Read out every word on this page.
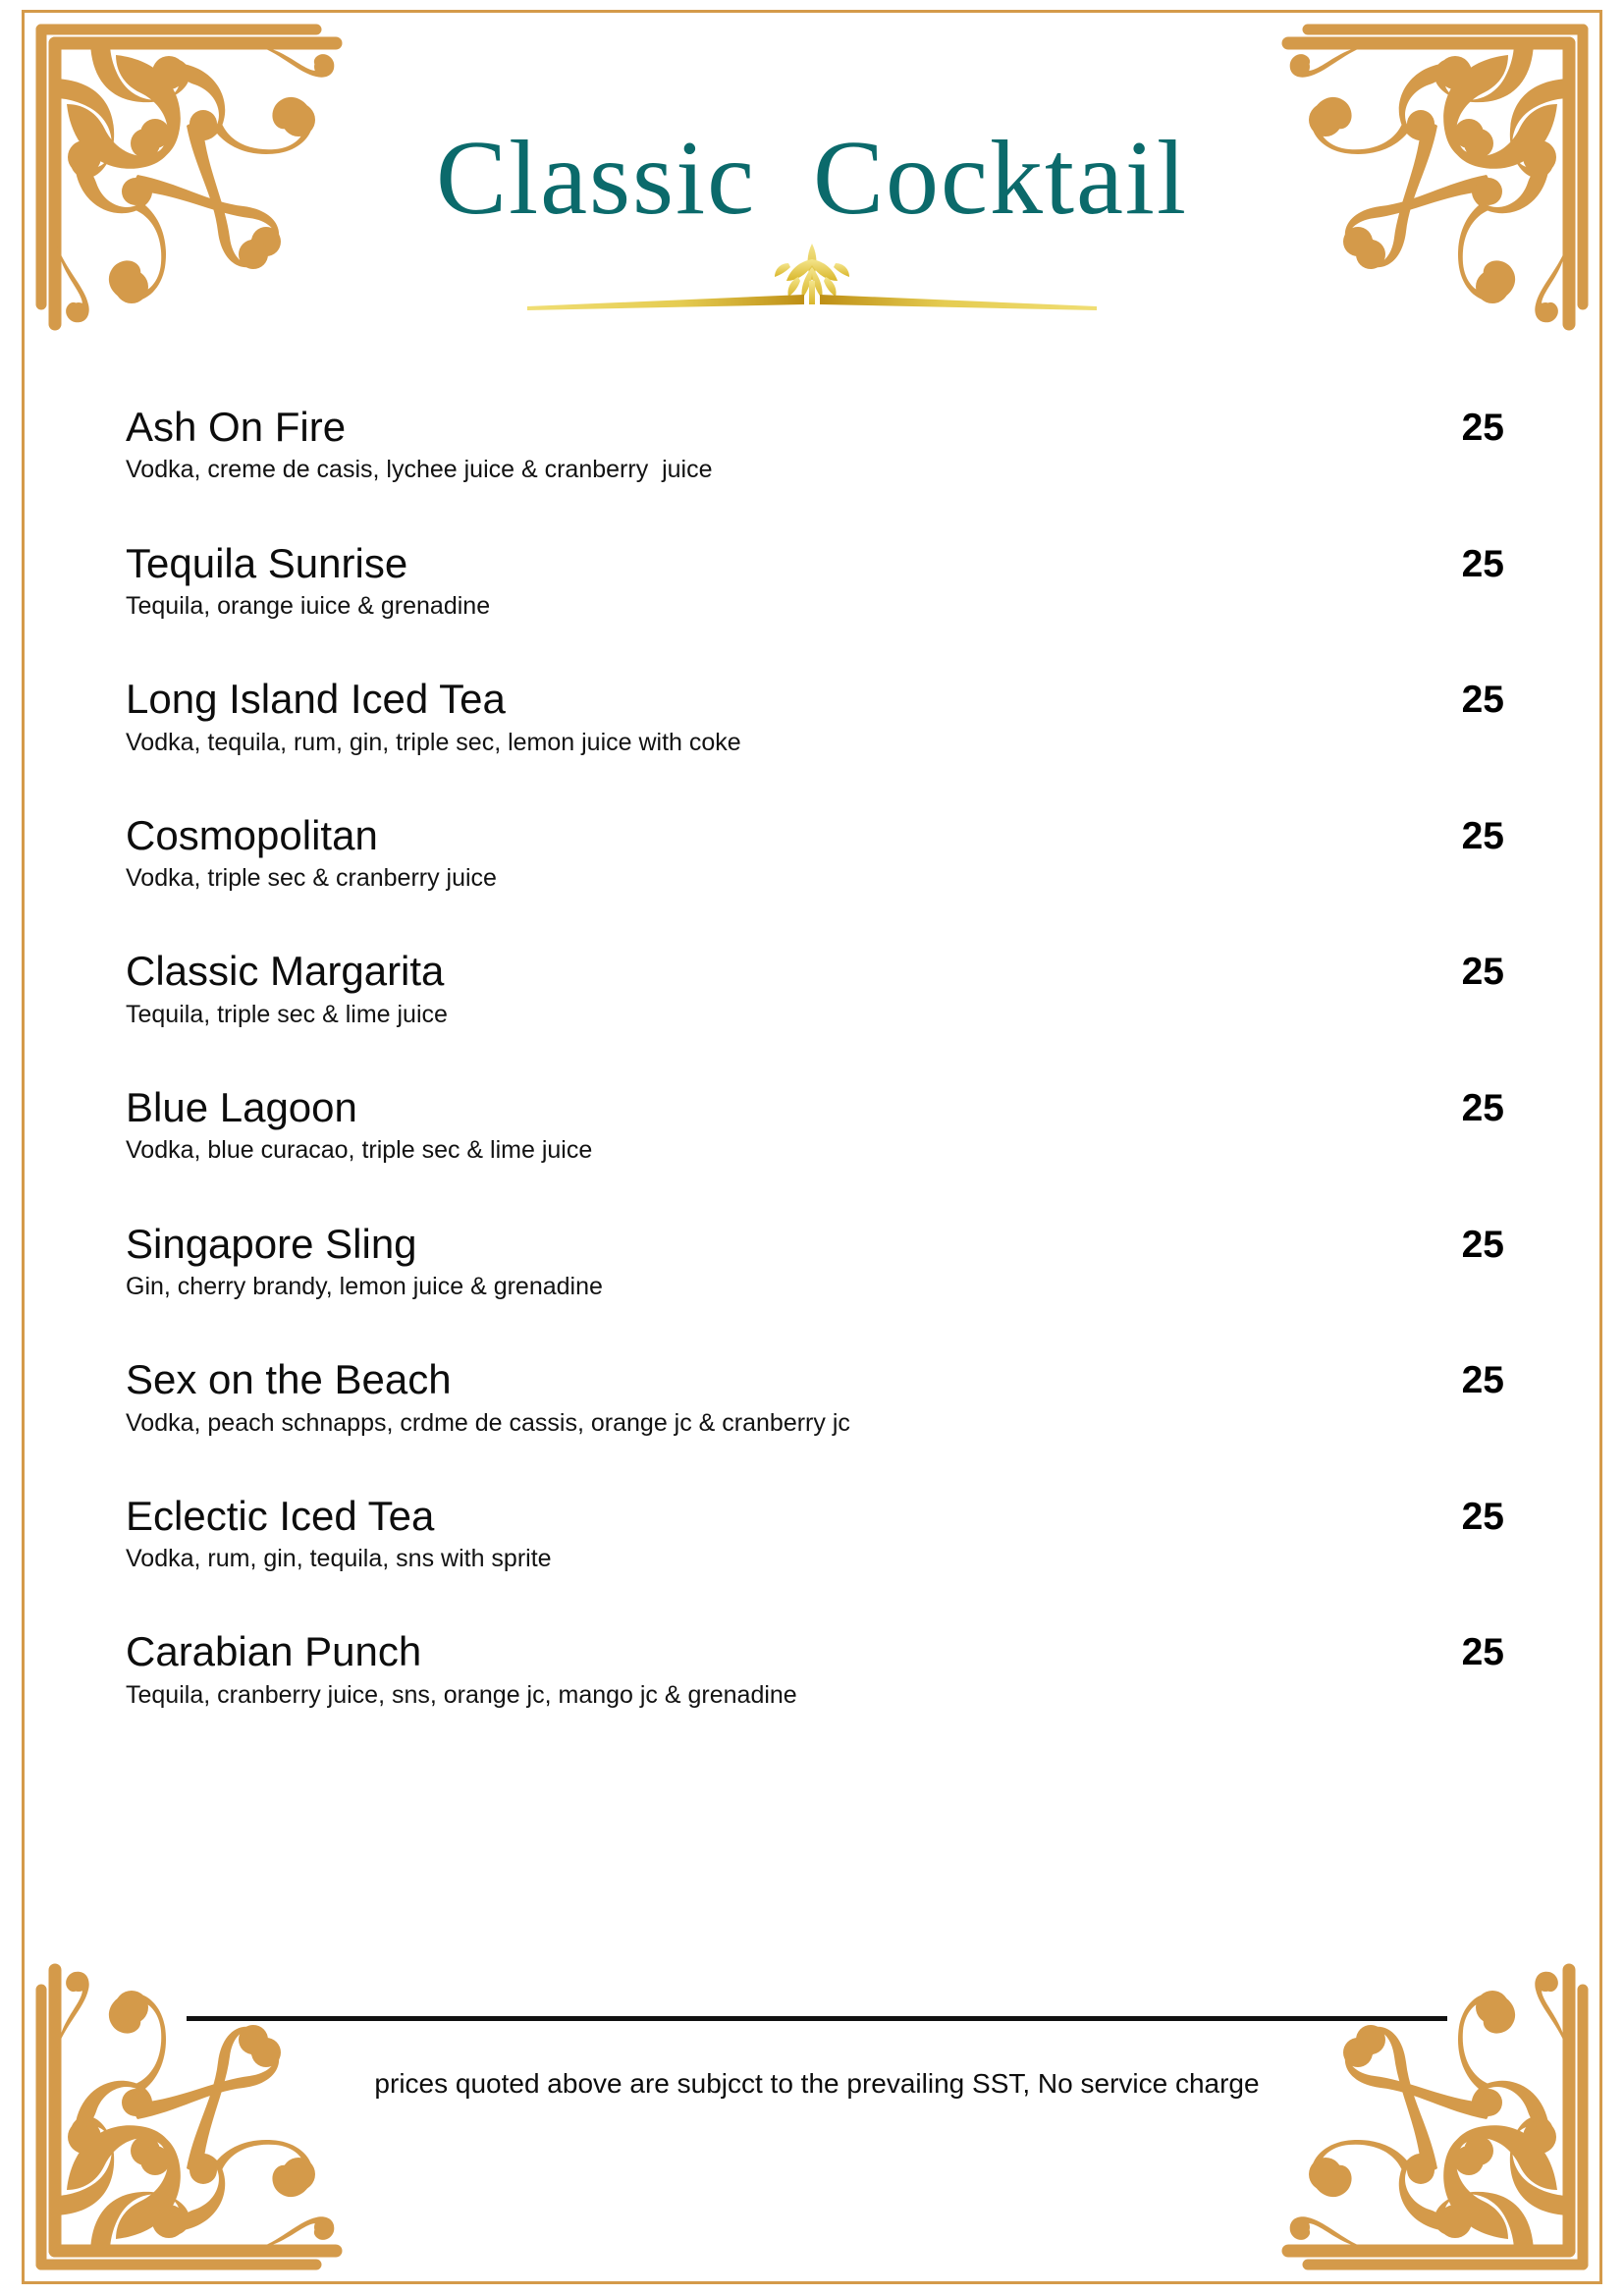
Classic  Cocktail
Ash On Fire
Vodka, creme de casis, lychee juice & cranberry  juice
25
Tequila Sunrise
Tequila, orange iuice & grenadine
25
Long Island Iced Tea
Vodka, tequila, rum, gin, triple sec, lemon juice with coke
25
Cosmopolitan
Vodka, triple sec & cranberry juice
25
Classic Margarita
Tequila, triple sec & lime juice
25
Blue Lagoon
Vodka, blue curacao, triple sec & lime juice
25
Singapore Sling
Gin, cherry brandy, lemon juice & grenadine
25
Sex on the Beach
Vodka, peach schnapps, crdme de cassis, orange jc & cranberry jc
25
Eclectic Iced Tea
Vodka, rum, gin, tequila, sns with sprite
25
Carabian Punch
Tequila, cranberry juice, sns, orange jc, mango jc & grenadine
25
prices quoted above are subjcct to the prevailing SST, No service charge
